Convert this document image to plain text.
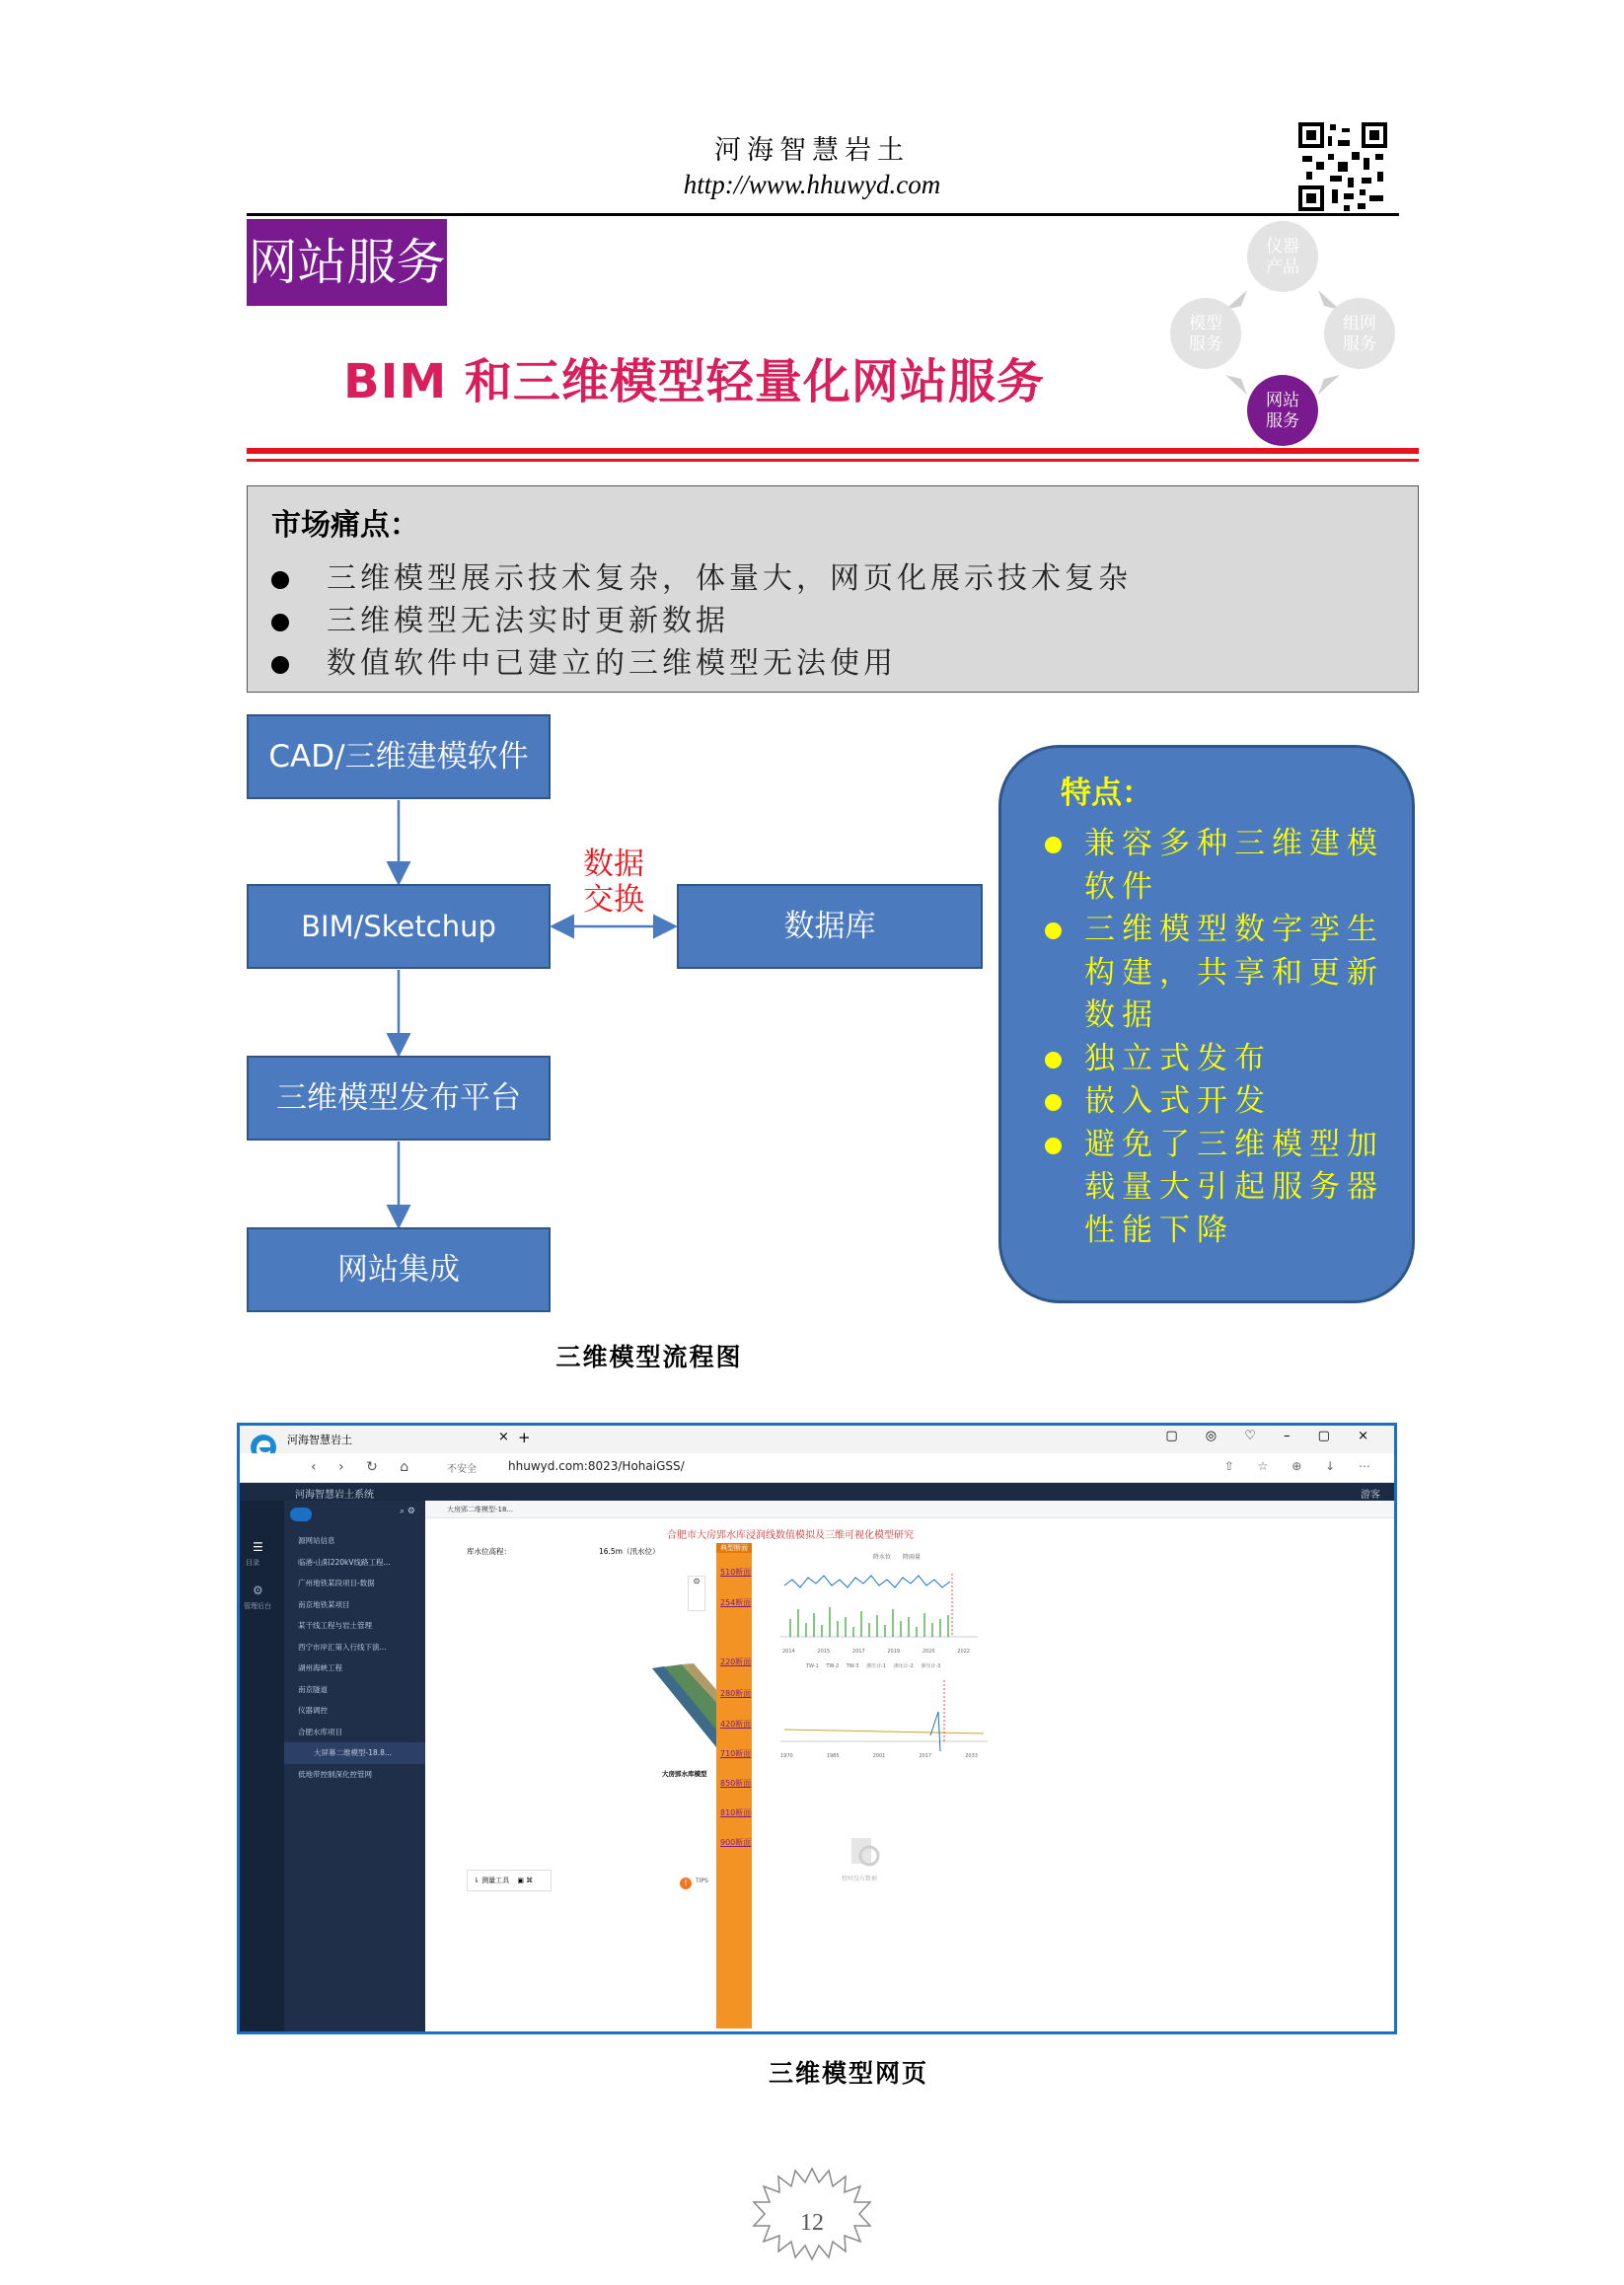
河海智慧岩土
http://www.hhuwyd.com
网站服务	仪器
产品
组网
服务
网站
服务
模型
服务
BIM 和三维模型轻量化网站服务
市场痛点：
三维模型展示技术复杂，体量大，网页化展示技术复杂
三维模型无法实时更新数据
数值软件中已建立的三维模型无法使用
CAD/三维建模软件
BIM/Sketchup
三维模型发布平台
网站集成
数据库
数据
交换
特点：
兼容多种三维建模软件
三维模型数字孪生构建，共享和更新数据
独立式发布
嵌入式开发
避免了三维模型加载量大引起服务器性能下降
三维模型流程图
河海智慧岩土	× +	▢ ◎ ♡ – ▢ ×
‹ › ↻ ⌂	不安全	hhuwyd.com:8023/HohaiGSS/	⇧ ☆ ⊕ ↓ ⋯
河海智慧岩土系统	游客
☰
目录
⚙
管理后台
⌕ ⚙
源网站信息
临港-山阳220kV线路工程...
广州地铁某段项目-数据
南京地铁某项目
某干线工程与岩土管理
西宁市岸汇第入行线下演...
湖州海峡工程
南京隧道
仪器调控
合肥水库项目
大屏幕二维模型-18.8...
低地带控制深化控管网
大房郢二维模型-18...
合肥市大房郢水库浸润线数值模拟及三维可视化模型研究
库水位高程：	16.5m（汛水位）
大房郢水库模型
⊙
典型断面
510断面
254断面
220断面
280断面
420断面
710断面
850断面
810断面
900断面
降水位 降雨量
2014	2015	2017	2019	2020	2022
TW-1 TW-2 TW-3 渗压计-1 渗压计-2 渗压计-3
1970	1985	2001	2017	2033
⇂ 测量工具 ▣ ⌘	!	TIPS	暂时没有数据
三维模型网页
12
